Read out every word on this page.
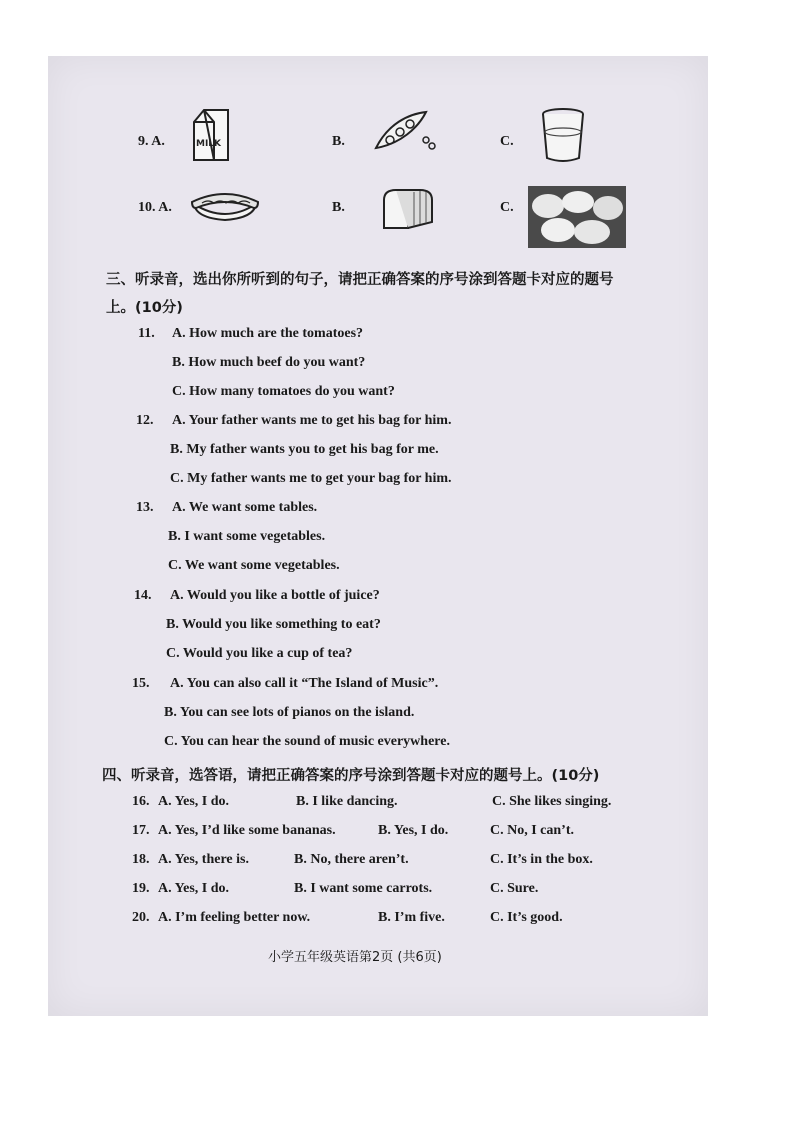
9. A.	MILK	B.	C.
10. A.	B.	C.
三、听录音，选出你所听到的句子，请把正确答案的序号涂到答题卡对应的题号
上。(10分)
11. A. How much are the tomatoes?
B. How much beef do you want?
C. How many tomatoes do you want?
12. A. Your father wants me to get his bag for him.
B. My father wants you to get his bag for me.
C. My father wants me to get your bag for him.
13. A. We want some tables.
B. I want some vegetables.
C. We want some vegetables.
14. A. Would you like a bottle of juice?
B. Would you like something to eat?
C. Would you like a cup of tea?
15. A. You can also call it “The Island of Music”.
B. You can see lots of pianos on the island.
C. You can hear the sound of music everywhere.
四、听录音，选答语，请把正确答案的序号涂到答题卡对应的题号上。(10分)
16. A. Yes, I do.	B. I like dancing.	C. She likes singing.
17. A. Yes, I’d like some bananas.	B. Yes, I do.	C. No, I can’t.
18. A. Yes, there is.	B. No, there aren’t.	C. It’s in the box.
19. A. Yes, I do.	B. I want some carrots.	C. Sure.
20. A. I’m feeling better now.	B. I’m five.	C. It’s good.
小学五年级英语第2页 (共6页)
